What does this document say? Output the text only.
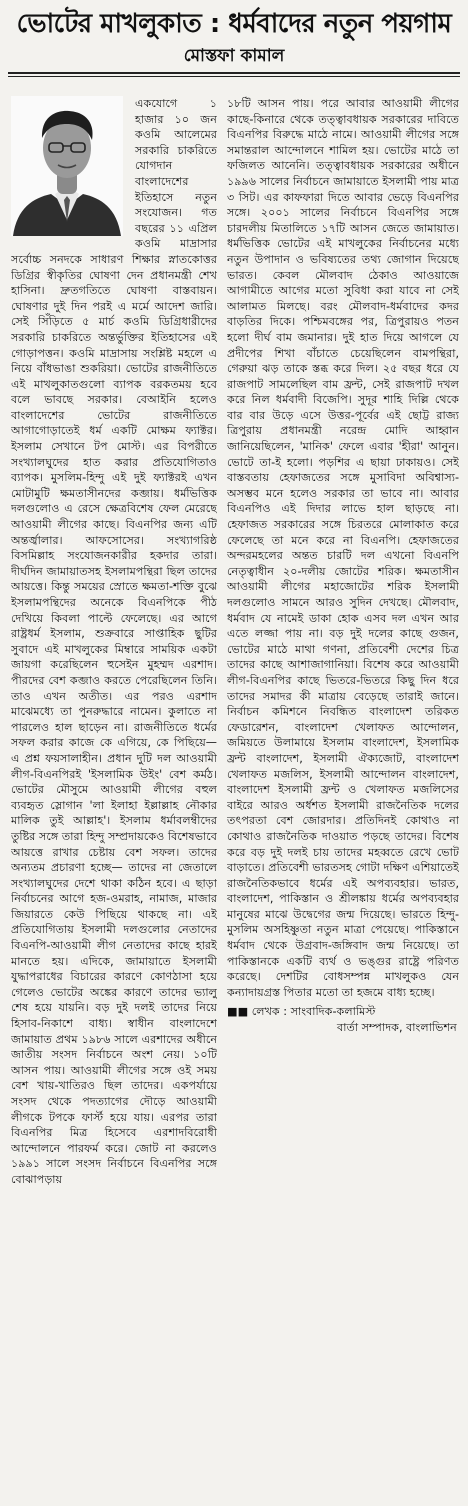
ভোটের মাখলুকাত : ধর্মবাদের নতুন পয়গাম
মোস্তফা কামাল

একযোগে ১ হাজার ১০ জন কওমি আলেমের সরকারি চাকরিতে যোগদান বাংলাদেশের ইতিহাসে নতুন সংযোজন। গত বছরের ১১ এপ্রিল কওমি মাদ্রাসার সর্বোচ্চ সনদকে সাধারণ শিক্ষার স্নাতকোত্তর ডিগ্রির স্বীকৃতির ঘোষণা দেন প্রধানমন্ত্রী শেখ হাসিনা। দ্রুতগতিতে ঘোষণা বাস্তবায়ন। ঘোষণার দুই দিন পরই এ মর্মে আদেশ জারি। সেই সিঁড়িতে ৫ মার্চ কওমি ডিগ্রিধারীদের সরকারি চাকরিতে অন্তর্ভুক্তির ইতিহাসের এই গোড়াপত্তন। কওমি মাদ্রাসায় সংশ্লিষ্ট মহলে এ নিয়ে বাঁধভাঙা শুকরিয়া। ভোটের রাজনীতিতে এই মাখলুকাতগুলো ব্যাপক বরকতময় হবে বলে ভাবছে সরকার। বেআইনি হলেও বাংলাদেশের ভোটের রাজনীতিতে আগাগোড়াতেই ধর্ম একটি মোক্ষম ফ্যাক্টর। ইসলাম সেখানে টপ মোস্ট। এর বিপরীতে সংখ্যালঘুদের হাত করার প্রতিযোগিতাও ব্যাপক। মুসলিম-হিন্দু এই দুই ফ্যাক্টরই এখন মোটামুটি ক্ষমতাসীনদের কব্জায়। ধর্মভিত্তিক দলগুলোও এ রেসে ক্ষেত্রবিশেষ ফেল মেরেছে আওয়ামী লীগের কাছে। বিএনপির জন্য এটি অন্তর্জ্বালার। আফসোসের। সংখ্যাগরিষ্ঠ বিসমিল্লাহ সংযোজনকারীর হকদার তারা। দীর্ঘদিন জামায়াতসহ ইসলামপন্থিরা ছিল তাদের আয়ত্তে। কিন্তু সময়ের স্রোতে ক্ষমতা-শক্তি বুঝে ইসলামপন্থিদের অনেকে বিএনপিকে পীঠ দেখিয়ে কিবলা পাল্টে ফেলেছে। এর আগে রাষ্ট্রধর্ম ইসলাম, শুক্রবারে সাপ্তাহিক ছুটির সুবাদে এই মাখলুকের মিম্বারে সাময়িক একটা জায়গা করেছিলেন হুসেইন মুহম্মদ এরশাদ। পীরদের বেশ কব্জাও করতে পেরেছিলেন তিনি। তাও এখন অতীত। এর পরও এরশাদ মাঝেমধ্যে তা পুনরুদ্ধারে নামেন। কুলাতে না পারলেও হাল ছাড়েন না। রাজনীতিতে ধর্মের সফল করার কাজে কে এগিয়ে, কে পিছিয়ে— এ প্রশ্ন ফয়সালাহীন। প্রধান দুটি দল আওয়ামী লীগ-বিএনপিরই 'ইসলামিক উইং' বেশ কর্মঠ। ভোটের মৌসুমে আওয়ামী লীগের বহুল ব্যবহৃত স্লোগান 'লা ইলাহা ইল্লাল্লাহ নৌকার মালিক তুই আল্লাহ'। ইসলাম ধর্মাবলম্বীদের তুষ্টির সঙ্গে তারা হিন্দু সম্প্রদায়কেও বিশেষভাবে আয়ত্তে রাখার চেষ্টায় বেশ সফল। তাদের অন্যতম প্রচারণা হচ্ছে— তাদের না জেতালে সংখ্যালঘুদের দেশে থাকা কঠিন হবে। এ ছাড়া নির্বাচনের আগে হজ-ওমরাহ, নামাজ, মাজার জিয়ারতে কেউ পিছিয়ে থাকছে না। এই প্রতিযোগিতায় ইসলামী দলগুলোর নেতাদের বিএনপি-আওয়ামী লীগ নেতাদের কাছে হারই মানতে হয়। এদিকে, জামায়াতে ইসলামী যুদ্ধাপরাধের বিচারের কারণে কোণঠাসা হয়ে গেলেও ভোটের অঙ্কের কারণে তাদের ভ্যালু শেষ হয়ে যায়নি। বড় দুই দলই তাদের নিয়ে হিসাব-নিকাশে বাধ্য। স্বাধীন বাংলাদেশে জামায়াত প্রথম ১৯৮৬ সালে এরশাদের অধীনে জাতীয় সংসদ নির্বাচনে অংশ নেয়। ১০টি আসন পায়। আওয়ামী লীগের সঙ্গে ওই সময় বেশ খায়-খাতিরও ছিল তাদের। একপর্যায়ে সংসদ থেকে পদত্যাগের দৌড়ে আওয়ামী লীগকে টপকে ফার্স্ট হয়ে যায়। এরপর তারা বিএনপির মিত্র হিসেবে এরশাদবিরোধী আন্দোলনে পারফর্ম করে। জোট না করলেও ১৯৯১ সালে সংসদ নির্বাচনে বিএনপির সঙ্গে বোঝাপড়ায়

১৮টি আসন পায়। পরে আবার আওয়ামী লীগের কাছে-কিনারে থেকে তত্ত্বাবধায়ক সরকারের দাবিতে বিএনপির বিরুদ্ধে মাঠে নামে। আওয়ামী লীগের সঙ্গে সমান্তরাল আন্দোলনে শামিল হয়। ভোটের মাঠে তা ফজিলত আনেনি। তত্ত্বাবধায়ক সরকারের অধীনে ১৯৯৬ সালের নির্বাচনে জামায়াতে ইসলামী পায় মাত্র ৩ সিট। এর কাফফারা দিতে আবার ভেড়ে বিএনপির সঙ্গে। ২০০১ সালের নির্বাচনে বিএনপির সঙ্গে চারদলীয় মিতালিতে ১৭টি আসন জেতে জামায়াত। ধর্মভিত্তিক ভোটের এই মাখলুকের নির্বাচনের মধ্যে নতুন উপাদান ও ভবিষ্যতের তথ্য জোগান দিয়েছে ভারত। কেবল মৌলবাদ ঠেকাও আওয়াজে আগামীতে আগের মতো সুবিধা করা যাবে না সেই আলামত মিলছে। বরং মৌলবাদ-ধর্মবাদের কদর বাড়তির দিকে। পশ্চিমবঙ্গের পর, ত্রিপুরায়ও পতন হলো দীর্ঘ বাম জমানার। দুই হাত দিয়ে আগলে যে প্রদীপের শিখা বাঁচাতে চেয়েছিলেন বামপন্থিরা, গেরুয়া ঝড় তাকে স্তব্ধ করে দিল। ২৫ বছর ধরে যে রাজপাট সামলেছিল বাম ফ্রন্ট, সেই রাজপাট দখল করে নিল ধর্মবাদী বিজেপি। সুদূর শাহি দিল্লি থেকে বার বার উড়ে এসে উত্তর-পূর্বের এই ছোট্ট রাজ্য ত্রিপুরায় প্রধানমন্ত্রী নরেন্দ্র মোদি আহ্বান জানিয়েছিলেন, 'মানিক' ফেলে এবার 'হীরা' আনুন। ভোটে তা-ই হলো। পড়শির এ ছায়া ঢাকায়ও। সেই বাস্তবতায় হেফাজতের সঙ্গে মুসাবিদা অবিশ্বাস্য-অসম্ভব মনে হলেও সরকার তা ভাবে না। আবার বিএনপিও এই দিদার লাভে হাল ছাড়ছে না। হেফাজত সরকারের সঙ্গে চিরতরে মোলাকাত করে ফেলেছে তা মনে করে না বিএনপি। হেফাজতের অন্দরমহলের অন্তত চারটি দল এখনো বিএনপি নেতৃত্বাধীন ২০-দলীয় জোটের শরিক। ক্ষমতাসীন আওয়ামী লীগের মহাজোটের শরিক ইসলামী দলগুলোও সামনে আরও সুদিন দেখছে। মৌলবাদ, ধর্মবাদ যে নামেই ডাকা হোক এসব দল এখন আর এতে লজ্জা পায় না। বড় দুই দলের কাছে গুজন, ভোটের মাঠে মাথা গণনা, প্রতিবেশী দেশের চিত্র তাদের কাছে আশাজাগানিয়া। বিশেষ করে আওয়ামী লীগ-বিএনপির কাছে ভিতরে-ভিতরে কিছু দিন ধরে তাদের সমাদর কী মাত্রায় বেড়েছে তারাই জানে। নির্বাচন কমিশনে নিবন্ধিত বাংলাদেশ তরিকত ফেডারেশন, বাংলাদেশ খেলাফত আন্দোলন, জমিয়তে উলামায়ে ইসলাম বাংলাদেশ, ইসলামিক ফ্রন্ট বাংলাদেশ, ইসলামী ঐক্যজোট, বাংলাদেশ খেলাফত মজলিস, ইসলামী আন্দোলন বাংলাদেশ, বাংলাদেশ ইসলামী ফ্রন্ট ও খেলাফত মজলিসের বাইরে আরও অর্ধশত ইসলামী রাজনৈতিক দলের তৎপরতা বেশ জোরদার। প্রতিদিনই কোথাও না কোথাও রাজনৈতিক দাওয়াত পড়ছে তাদের। বিশেষ করে বড় দুই দলই চায় তাদের মহব্বতে রেখে ভোট বাড়াতে। প্রতিবেশী ভারতসহ গোটা দক্ষিণ এশিয়াতেই রাজনৈতিকভাবে ধর্মের এই অপব্যবহার। ভারত, বাংলাদেশ, পাকিস্তান ও শ্রীলঙ্কায় ধর্মের অপব্যবহার মানুষের মাঝে উদ্বেগের জন্ম দিয়েছে। ভারতে হিন্দু-মুসলিম অসহিষ্ণুতা নতুন মাত্রা পেয়েছে। পাকিস্তানে ধর্মবাদ থেকে উগ্রবাদ-জঙ্গিবাদ জন্ম নিয়েছে। তা পাকিস্তানকে একটি ব্যর্থ ও ভঙ্গুর রাষ্ট্রে পরিণত করেছে। দেশটির বোধসম্পন্ন মাখলুকও যেন কন্যাদায়গ্রস্ত পিতার মতো তা হজমে বাধ্য হচ্ছে।

■■ লেখক : সাংবাদিক-কলামিস্ট

বার্তা সম্পাদক, বাংলাভিশন
